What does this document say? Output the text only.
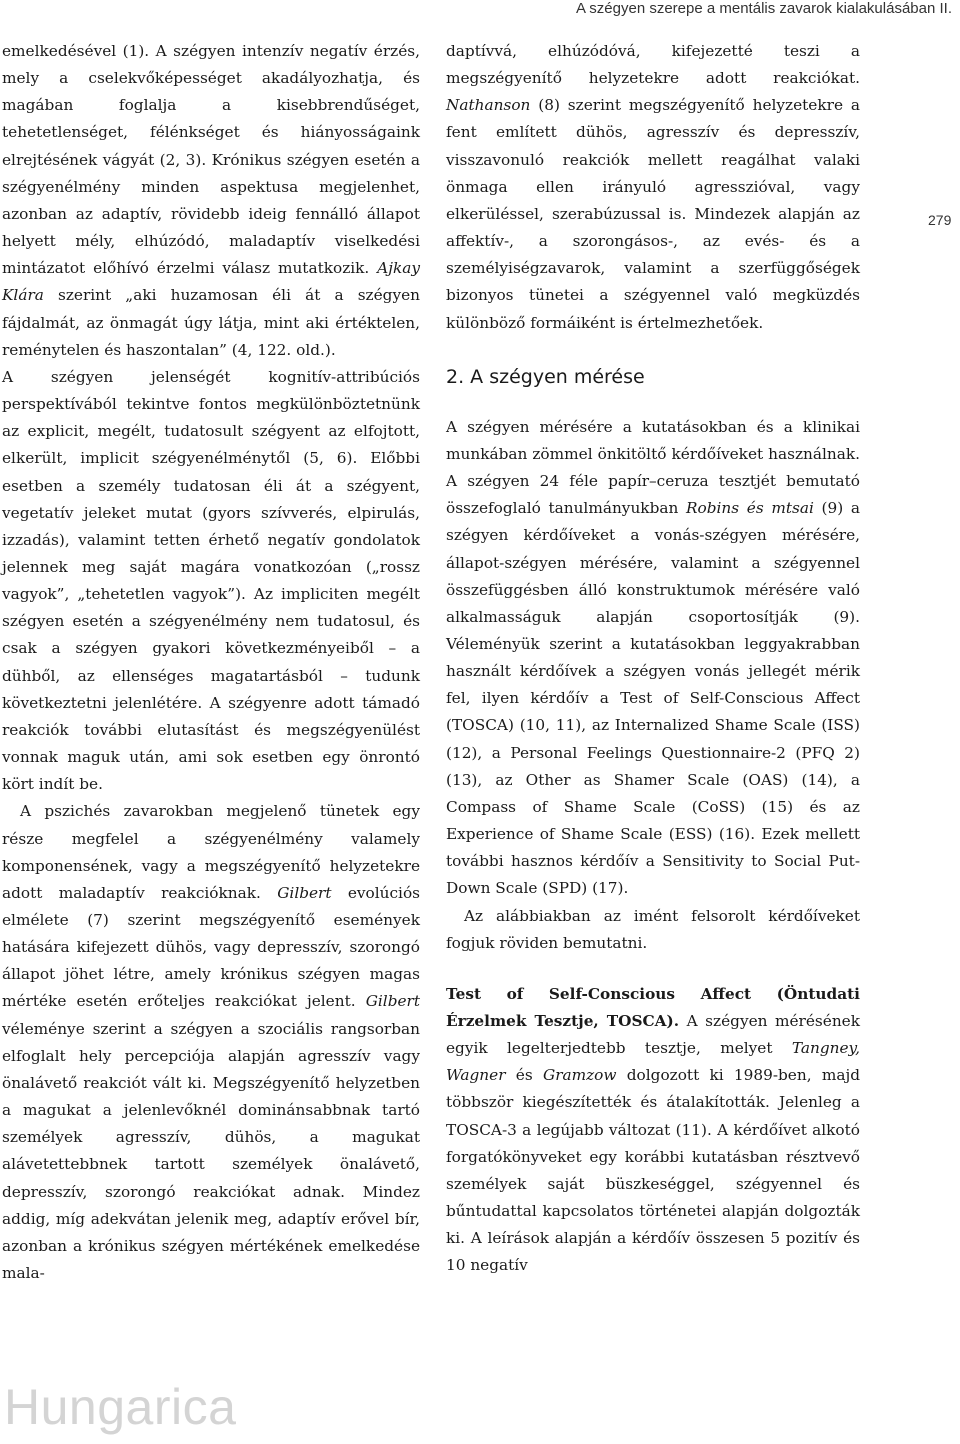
A szégyen szerepe a mentális zavarok kialakulásában II.

emelkedésével (1). A szégyen intenzív negatív érzés, mely a cselekvőképességet akadályozhatja, és magában foglalja a kisebbrendűséget, tehetetlenséget, félénkséget és hiányosságaink elrejtésének vágyát (2, 3). Krónikus szégyen esetén a szégyenélmény minden aspektusa megjelenhet, azonban az adaptív, rövidebb ideig fennálló állapot helyett mély, elhúzódó, maladaptív viselkedési mintázatot előhívó érzelmi válasz mutatkozik. Ajkay Klára szerint „aki huzamosan éli át a szégyen fájdalmát, az önmagát úgy látja, mint aki értéktelen, reménytelen és haszontalan” (4, 122. old.).

A szégyen jelenségét kognitív-attribúciós perspektívából tekintve fontos megkülönböztetnünk az explicit, megélt, tudatosult szégyent az elfojtott, elkerült, implicit szégyenélménytől (5, 6). Előbbi esetben a személy tudatosan éli át a szégyent, vegetatív jeleket mutat (gyors szívverés, elpirulás, izzadás), valamint tetten érhető negatív gondolatok jelennek meg saját magára vonatkozóan („rossz vagyok”, „tehetetlen vagyok”). Az impliciten megélt szégyen esetén a szégyenélmény nem tudatosul, és csak a szégyen gyakori következményeiből – a dühből, az ellenséges magatartásból – tudunk következtetni jelenlétére. A szégyenre adott támadó reakciók további elutasítást és megszégyenülést vonnak maguk után, ami sok esetben egy önrontó kört indít be.

A pszichés zavarokban megjelenő tünetek egy része megfelel a szégyenélmény valamely komponensének, vagy a megszégyenítő helyzetekre adott maladaptív reakcióknak. Gilbert evolúciós elmélete (7) szerint megszégyenítő események hatására kifejezett dühös, vagy depresszív, szorongó állapot jöhet létre, amely krónikus szégyen magas mértéke esetén erőteljes reakciókat jelent. Gilbert véleménye szerint a szégyen a szociális rangsorban elfoglalt hely percepciója alapján agresszív vagy önalávető reakciót vált ki. Megszégyenítő helyzetben a magukat a jelenlevőknél dominánsabbnak tartó személyek agresszív, dühös, a magukat alávetettebbnek tartott személyek önalávető, depresszív, szorongó reakciókat adnak. Mindez addig, míg adekvátan jelenik meg, adaptív erővel bír, azonban a krónikus szégyen mértékének emelkedése mala-

daptívvá, elhúzódóvá, kifejezetté teszi a megszégyenítő helyzetekre adott reakciókat. Nathanson (8) szerint megszégyenítő helyzetekre a fent említett dühös, agresszív és depresszív, visszavonuló reakciók mellett reagálhat valaki önmaga ellen irányuló agresszióval, vagy elkerüléssel, szerabúzussal is. Mindezek alapján az affektív-, a szorongásos-, az evés- és a személyiségzavarok, valamint a szerfüggőségek bizonyos tünetei a szégyennel való megküzdés különböző formáiként is értelmezhetőek.

2. A szégyen mérése

A szégyen mérésére a kutatásokban és a klinikai munkában zömmel önkitöltő kérdőíveket használnak. A szégyen 24 féle papír–ceruza tesztjét bemutató összefoglaló tanulmányukban Robins és mtsai (9) a szégyen kérdőíveket a vonás-szégyen mérésére, állapot-szégyen mérésére, valamint a szégyennel összefüggésben álló konstruktumok mérésére való alkalmasságuk alapján csoportosítják (9). Véleményük szerint a kutatásokban leggyakrabban használt kérdőívek a szégyen vonás jellegét mérik fel, ilyen kérdőív a Test of Self-Conscious Affect (TOSCA) (10, 11), az Internalized Shame Scale (ISS) (12), a Personal Feelings Questionnaire-2 (PFQ 2) (13), az Other as Shamer Scale (OAS) (14), a Compass of Shame Scale (CoSS) (15) és az Experience of Shame Scale (ESS) (16). Ezek mellett további hasznos kérdőív a Sensitivity to Social Put-Down Scale (SPD) (17).

Az alábbiakban az imént felsorolt kérdőíveket fogjuk röviden bemutatni.

Test of Self-Conscious Affect (Öntudati Érzelmek Tesztje, TOSCA). A szégyen mérésének egyik legelterjedtebb tesztje, melyet Tangney, Wagner és Gramzow dolgozott ki 1989-ben, majd többször kiegészítették és átalakították. Jelenleg a TOSCA-3 a legújabb változat (11). A kérdőívet alkotó forgatókönyveket egy korábbi kutatásban résztvevő személyek saját büszkeséggel, szégyennel és bűntudattal kapcsolatos történetei alapján dolgozták ki. A leírások alapján a kérdőív összesen 5 pozitív és 10 negatív

279
Hungarica
